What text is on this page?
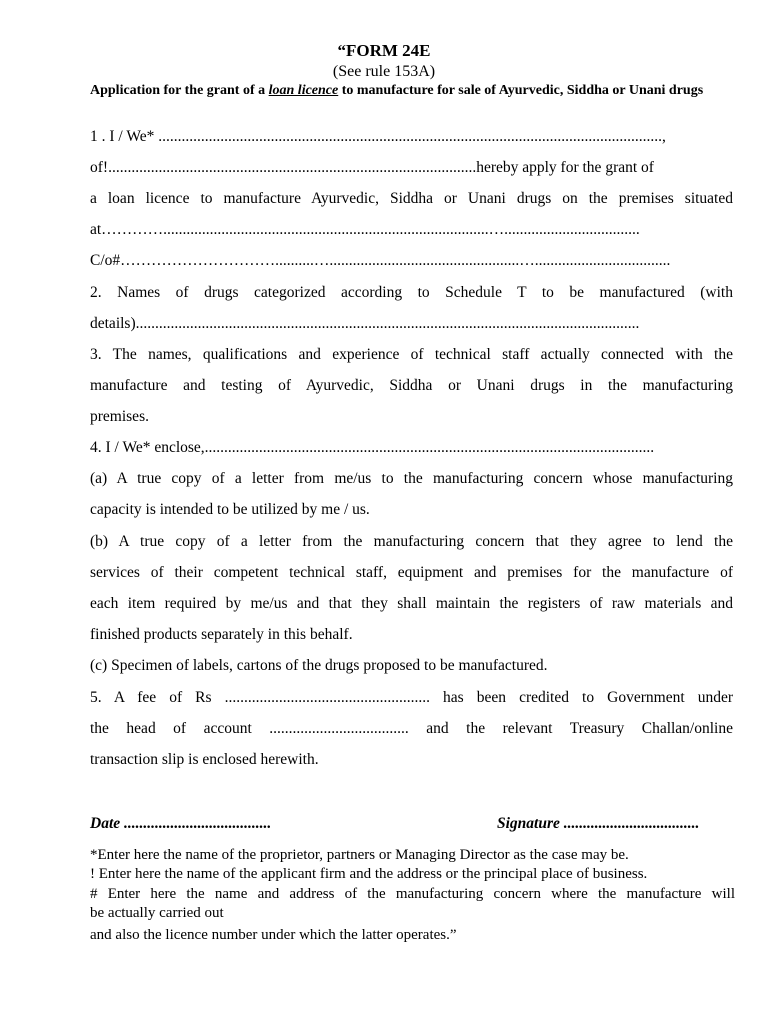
“FORM 24E
(See rule 153A)
Application for the grant of a loan licence to manufacture for sale of Ayurvedic, Siddha or Unani drugs
1 . I / We* ..................................................................................................................................,
of!...............................................................................................hereby apply for the grant of
a loan licence to manufacture Ayurvedic, Siddha or Unani drugs on the premises situated
at…………....................................................................................…...................................
C/o#…………………………..........….................................................…...................................
2. Names of drugs categorized according to Schedule T to be manufactured (with
details)..................................................................................................................................
3. The names, qualifications and experience of technical staff actually connected with the
manufacture and testing of Ayurvedic, Siddha or Unani drugs in the manufacturing
premises.
4. I / We* enclose,....................................................................................................................
(a) A true copy of a letter from me/us to the manufacturing concern whose manufacturing
capacity is intended to be utilized by me / us.
(b) A true copy of a letter from the manufacturing concern that they agree to lend the
services of their competent technical staff, equipment and premises for the manufacture of
each item required by me/us and that they shall maintain the registers of raw materials and
finished products separately in this behalf.
(c) Specimen of labels, cartons of the drugs proposed to be manufactured.
5. A fee of Rs ..................................................... has been credited to Government under
the head of account .................................... and the relevant Treasury Challan/online
transaction slip is enclosed herewith.
Date ......................................	Signature ...................................
*Enter here the name of the proprietor, partners or Managing Director as the case may be.
! Enter here the name of the applicant firm and the address or the principal place of business.
# Enter here the name and address of the manufacturing concern where the manufacture will
be actually carried out
and also the licence number under which the latter operates.”
